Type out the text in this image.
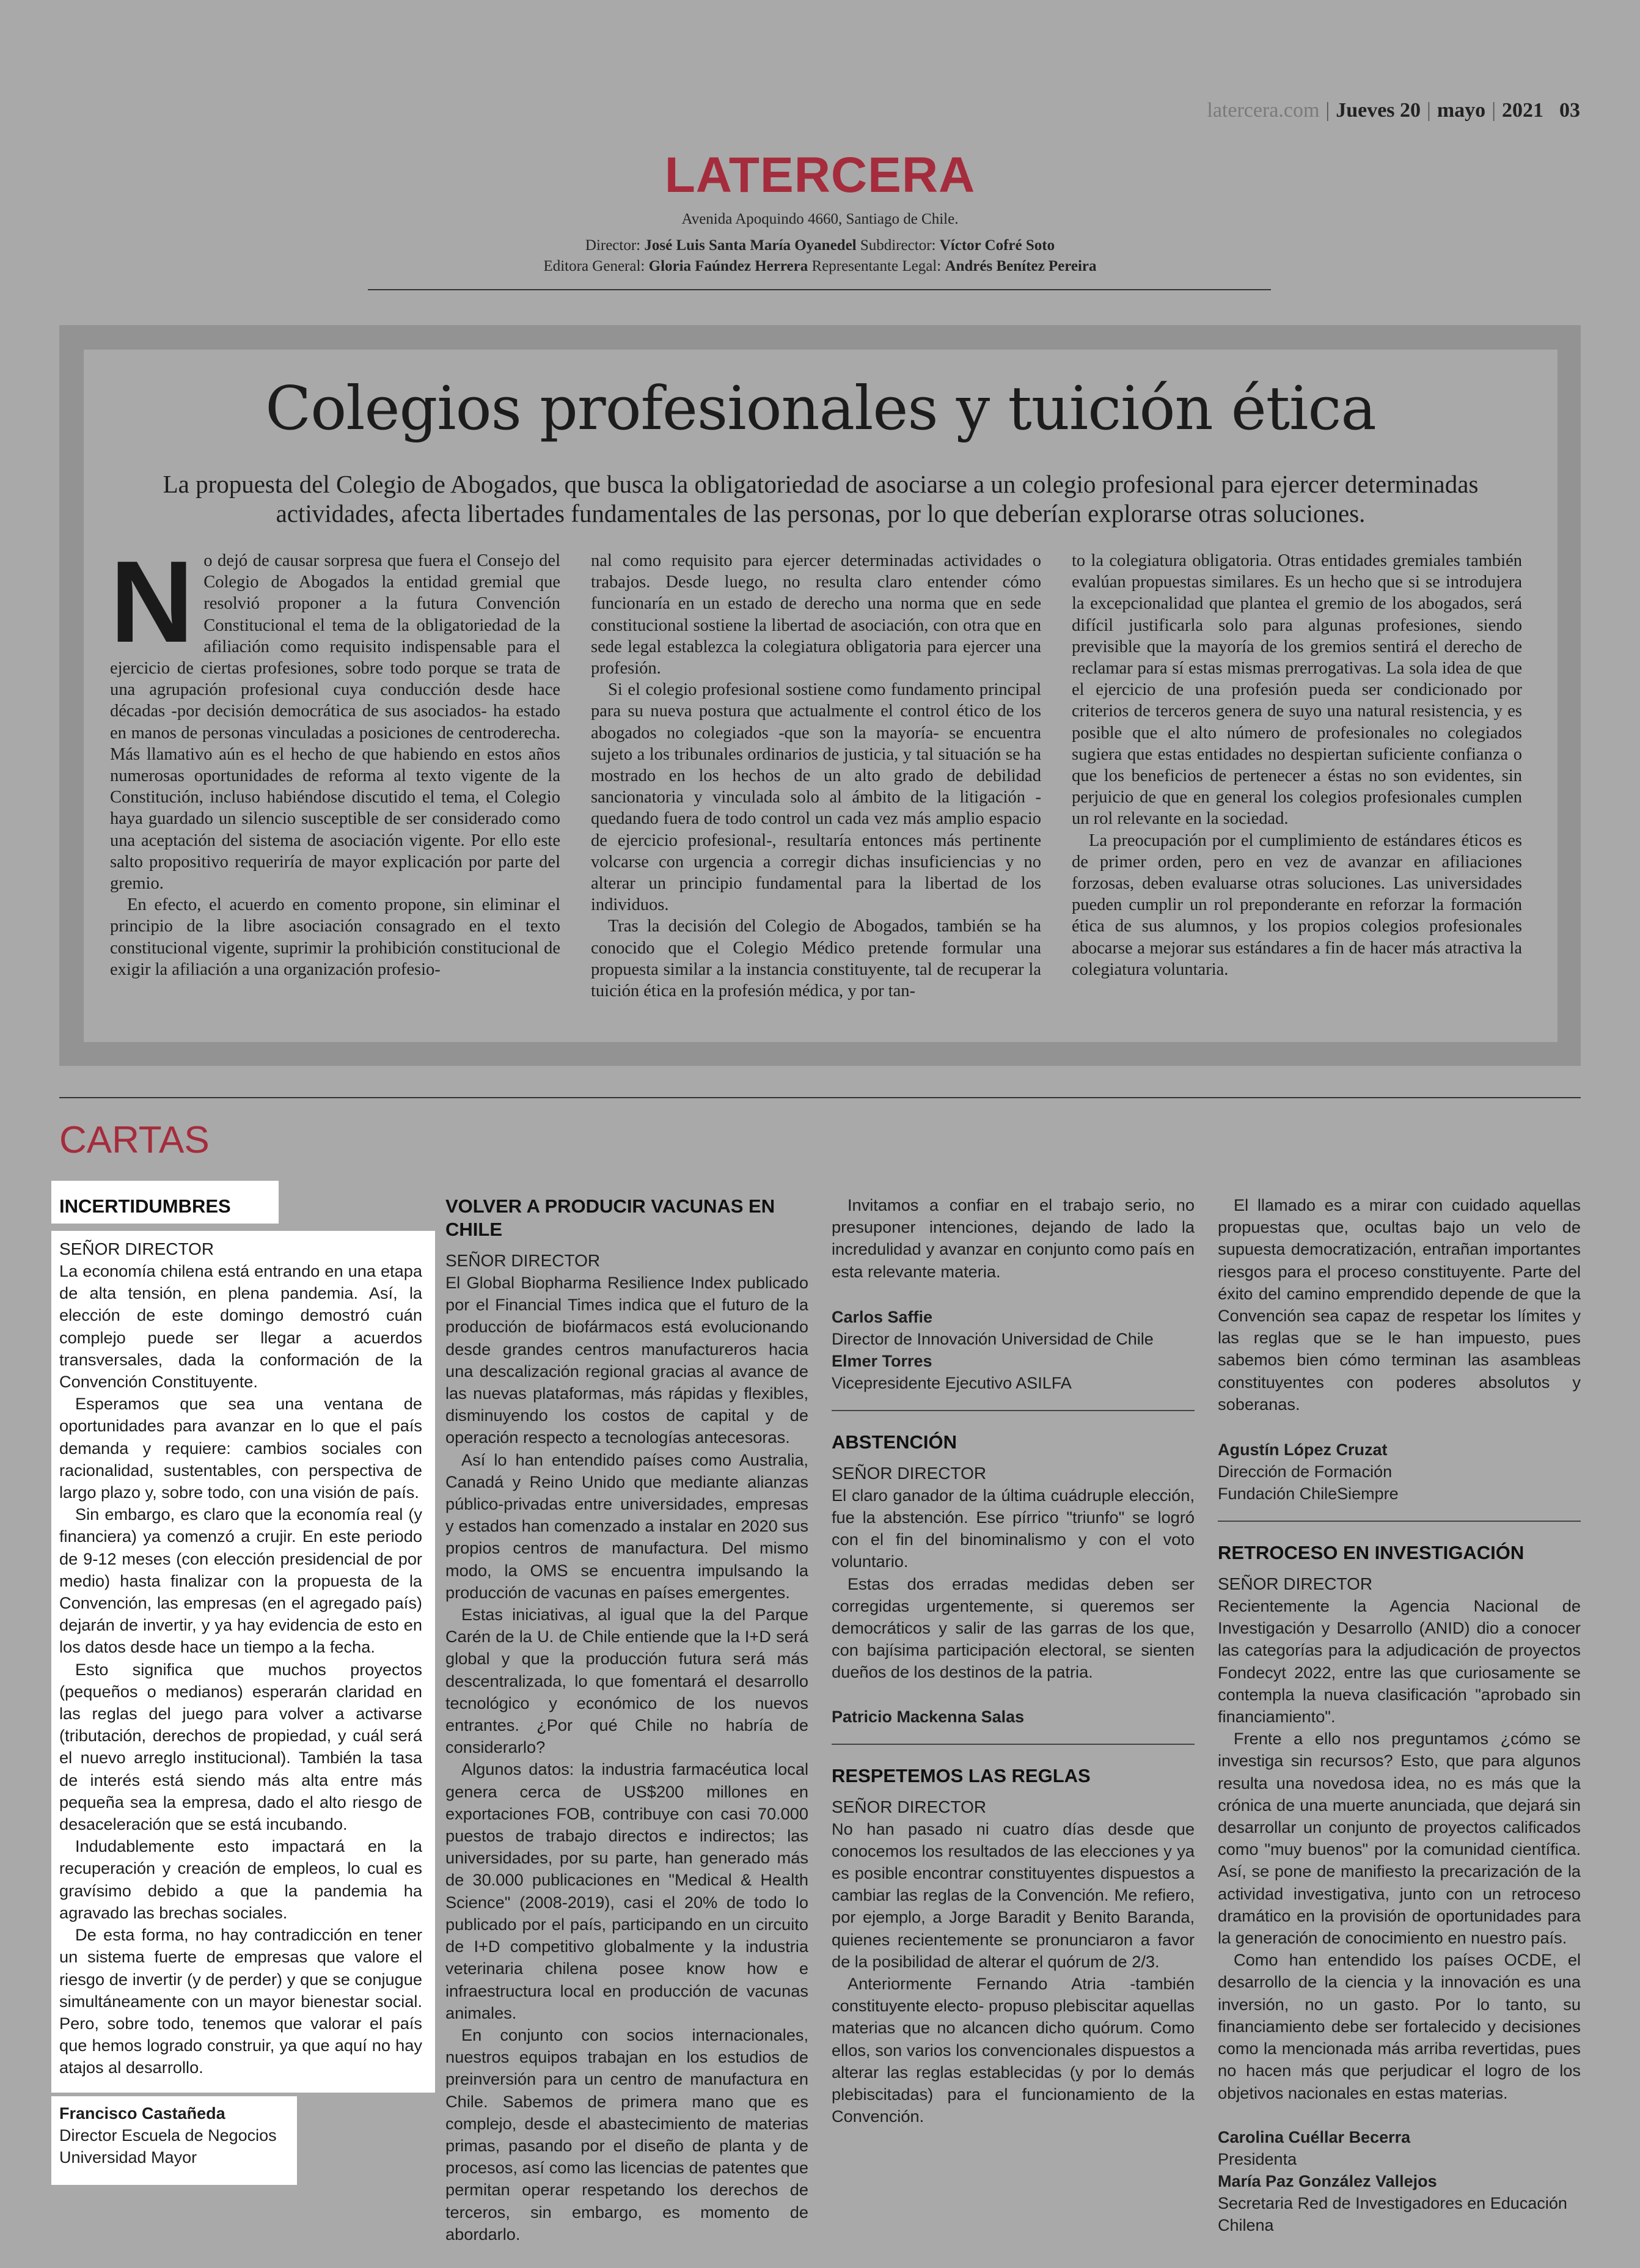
latercera.com | Jueves 20 | mayo | 2021 03
LATERCERA
Avenida Apoquindo 4660, Santiago de Chile.
Director: José Luis Santa María Oyanedel Subdirector: Víctor Cofré Soto
Editora General: Gloria Faúndez Herrera Representante Legal: Andrés Benítez Pereira
Colegios profesionales y tuición ética
La propuesta del Colegio de Abogados, que busca la obligatoriedad de asociarse a un colegio profesional para ejercer determinadas actividades, afecta libertades fundamentales de las personas, por lo que deberían explorarse otras soluciones.
N o dejó de causar sorpresa que fuera el Consejo del Colegio de Abogados la entidad gremial que resolvió proponer a la futura Convención Constitucional el tema de la obligatoriedad de la afiliación como requisito indispensable para el ejercicio de ciertas profesiones, sobre todo porque se trata de una agrupación profesional cuya conducción desde hace décadas -por decisión democrática de sus asociados- ha estado en manos de personas vinculadas a posiciones de centroderecha. Más llamativo aún es el hecho de que habiendo en estos años numerosas oportunidades de reforma al texto vigente de la Constitución, incluso habiéndose discutido el tema, el Colegio haya guardado un silencio susceptible de ser considerado como una aceptación del sistema de asociación vigente. Por ello este salto propositivo requeriría de mayor explicación por parte del gremio.

En efecto, el acuerdo en comento propone, sin eliminar el principio de la libre asociación consagrado en el texto constitucional vigente, suprimir la prohibición constitucional de exigir la afiliación a una organización profesio-

nal como requisito para ejercer determinadas actividades o trabajos. Desde luego, no resulta claro entender cómo funcionaría en un estado de derecho una norma que en sede constitucional sostiene la libertad de asociación, con otra que en sede legal establezca la colegiatura obligatoria para ejercer una profesión.

Si el colegio profesional sostiene como fundamento principal para su nueva postura que actualmente el control ético de los abogados no colegiados -que son la mayoría- se encuentra sujeto a los tribunales ordinarios de justicia, y tal situación se ha mostrado en los hechos de un alto grado de debilidad sancionatoria y vinculada solo al ámbito de la litigación -quedando fuera de todo control un cada vez más amplio espacio de ejercicio profesional-, resultaría entonces más pertinente volcarse con urgencia a corregir dichas insuficiencias y no alterar un principio fundamental para la libertad de los individuos.

Tras la decisión del Colegio de Abogados, también se ha conocido que el Colegio Médico pretende formular una propuesta similar a la instancia constituyente, tal de recuperar la tuición ética en la profesión médica, y por tan-

to la colegiatura obligatoria. Otras entidades gremiales también evalúan propuestas similares. Es un hecho que si se introdujera la excepcionalidad que plantea el gremio de los abogados, será difícil justificarla solo para algunas profesiones, siendo previsible que la mayoría de los gremios sentirá el derecho de reclamar para sí estas mismas prerrogativas. La sola idea de que el ejercicio de una profesión pueda ser condicionado por criterios de terceros genera de suyo una natural resistencia, y es posible que el alto número de profesionales no colegiados sugiera que estas entidades no despiertan suficiente confianza o que los beneficios de pertenecer a éstas no son evidentes, sin perjuicio de que en general los colegios profesionales cumplen un rol relevante en la sociedad.

La preocupación por el cumplimiento de estándares éticos es de primer orden, pero en vez de avanzar en afiliaciones forzosas, deben evaluarse otras soluciones. Las universidades pueden cumplir un rol preponderante en reforzar la formación ética de sus alumnos, y los propios colegios profesionales abocarse a mejorar sus estándares a fin de hacer más atractiva la colegiatura voluntaria.

CARTAS
INCERTIDUMBRES
SEÑOR DIRECTOR

La economía chilena está entrando en una etapa de alta tensión, en plena pandemia. Así, la elección de este domingo demostró cuán complejo puede ser llegar a acuerdos transversales, dada la conformación de la Convención Constituyente.

Esperamos que sea una ventana de oportunidades para avanzar en lo que el país demanda y requiere: cambios sociales con racionalidad, sustentables, con perspectiva de largo plazo y, sobre todo, con una visión de país.

Sin embargo, es claro que la economía real (y financiera) ya comenzó a crujir. En este periodo de 9-12 meses (con elección presidencial de por medio) hasta finalizar con la propuesta de la Convención, las empresas (en el agregado país) dejarán de invertir, y ya hay evidencia de esto en los datos desde hace un tiempo a la fecha.

Esto significa que muchos proyectos (pequeños o medianos) esperarán claridad en las reglas del juego para volver a activarse (tributación, derechos de propiedad, y cuál será el nuevo arreglo institucional). También la tasa de interés está siendo más alta entre más pequeña sea la empresa, dado el alto riesgo de desaceleración que se está incubando.

Indudablemente esto impactará en la recuperación y creación de empleos, lo cual es gravísimo debido a que la pandemia ha agravado las brechas sociales.

De esta forma, no hay contradicción en tener un sistema fuerte de empresas que valore el riesgo de invertir (y de perder) y que se conjugue simultáneamente con un mayor bienestar social. Pero, sobre todo, tenemos que valorar el país que hemos logrado construir, ya que aquí no hay atajos al desarrollo.

Francisco Castañeda
Director Escuela de Negocios
Universidad Mayor
VOLVER A PRODUCIR VACUNAS EN CHILE
SEÑOR DIRECTOR

El Global Biopharma Resilience Index publicado por el Financial Times indica que el futuro de la producción de biofármacos está evolucionando desde grandes centros manufactureros hacia una descalización regional gracias al avance de las nuevas plataformas, más rápidas y flexibles, disminuyendo los costos de capital y de operación respecto a tecnologías antecesoras.

Así lo han entendido países como Australia, Canadá y Reino Unido que mediante alianzas público-privadas entre universidades, empresas y estados han comenzado a instalar en 2020 sus propios centros de manufactura. Del mismo modo, la OMS se encuentra impulsando la producción de vacunas en países emergentes.

Estas iniciativas, al igual que la del Parque Carén de la U. de Chile entiende que la I+D será global y que la producción futura será más descentralizada, lo que fomentará el desarrollo tecnológico y económico de los nuevos entrantes. ¿Por qué Chile no habría de considerarlo?

Algunos datos: la industria farmacéutica local genera cerca de US$200 millones en exportaciones FOB, contribuye con casi 70.000 puestos de trabajo directos e indirectos; las universidades, por su parte, han generado más de 30.000 publicaciones en "Medical & Health Science" (2008-2019), casi el 20% de todo lo publicado por el país, participando en un circuito de I+D competitivo globalmente y la industria veterinaria chilena posee know how e infraestructura local en producción de vacunas animales.

En conjunto con socios internacionales, nuestros equipos trabajan en los estudios de preinversión para un centro de manufactura en Chile. Sabemos de primera mano que es complejo, desde el abastecimiento de materias primas, pasando por el diseño de planta y de procesos, así como las licencias de patentes que permitan operar respetando los derechos de terceros, sin embargo, es momento de abordarlo.

Invitamos a confiar en el trabajo serio, no presuponer intenciones, dejando de lado la incredulidad y avanzar en conjunto como país en esta relevante materia.

Carlos Saffie
Director de Innovación Universidad de Chile
Elmer Torres
Vicepresidente Ejecutivo ASILFA
ABSTENCIÓN
SEÑOR DIRECTOR

El claro ganador de la última cuádruple elección, fue la abstención. Ese pírrico "triunfo" se logró con el fin del binominalismo y con el voto voluntario.

Estas dos erradas medidas deben ser corregidas urgentemente, si queremos ser democráticos y salir de las garras de los que, con bajísima participación electoral, se sienten dueños de los destinos de la patria.

Patricio Mackenna Salas
RESPETEMOS LAS REGLAS
SEÑOR DIRECTOR

No han pasado ni cuatro días desde que conocemos los resultados de las elecciones y ya es posible encontrar constituyentes dispuestos a cambiar las reglas de la Convención. Me refiero, por ejemplo, a Jorge Baradit y Benito Baranda, quienes recientemente se pronunciaron a favor de la posibilidad de alterar el quórum de 2/3.

Anteriormente Fernando Atria -también constituyente electo- propuso plebiscitar aquellas materias que no alcancen dicho quórum. Como ellos, son varios los convencionales dispuestos a alterar las reglas establecidas (y por lo demás plebiscitadas) para el funcionamiento de la Convención.

El llamado es a mirar con cuidado aquellas propuestas que, ocultas bajo un velo de supuesta democratización, entrañan importantes riesgos para el proceso constituyente. Parte del éxito del camino emprendido depende de que la Convención sea capaz de respetar los límites y las reglas que se le han impuesto, pues sabemos bien cómo terminan las asambleas constituyentes con poderes absolutos y soberanas.

Agustín López Cruzat
Dirección de Formación
Fundación ChileSiempre
RETROCESO EN INVESTIGACIÓN
SEÑOR DIRECTOR

Recientemente la Agencia Nacional de Investigación y Desarrollo (ANID) dio a conocer las categorías para la adjudicación de proyectos Fondecyt 2022, entre las que curiosamente se contempla la nueva clasificación "aprobado sin financiamiento".

Frente a ello nos preguntamos ¿cómo se investiga sin recursos? Esto, que para algunos resulta una novedosa idea, no es más que la crónica de una muerte anunciada, que dejará sin desarrollar un conjunto de proyectos calificados como "muy buenos" por la comunidad científica. Así, se pone de manifiesto la precarización de la actividad investigativa, junto con un retroceso dramático en la provisión de oportunidades para la generación de conocimiento en nuestro país.

Como han entendido los países OCDE, el desarrollo de la ciencia y la innovación es una inversión, no un gasto. Por lo tanto, su financiamiento debe ser fortalecido y decisiones como la mencionada más arriba revertidas, pues no hacen más que perjudicar el logro de los objetivos nacionales en estas materias.

Carolina Cuéllar Becerra
Presidenta
María Paz González Vallejos
Secretaria Red de Investigadores en Educación Chilena
